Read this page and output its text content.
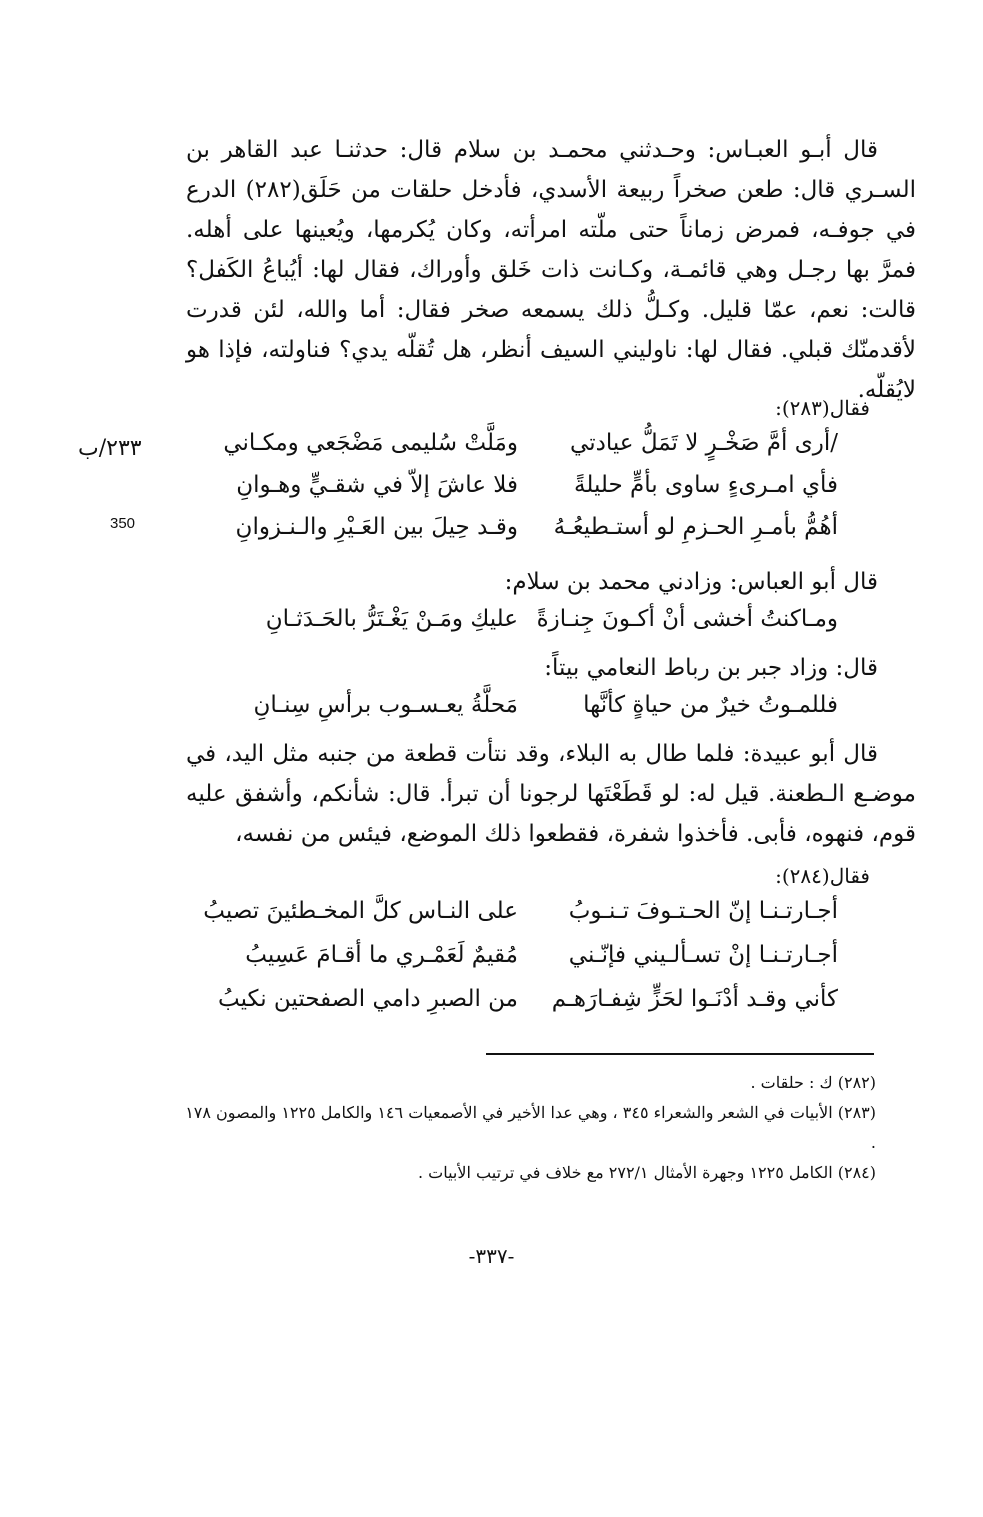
قال أبـو العبـاس: وحـدثني محمـد بن سلام قال: حدثنـا عبد القاهر بن السـري قال: طعن صخراً ربيعة الأسدي، فأدخل حلقات من حَلَق(٢٨٢) الدرع في جوفـه، فمرض زماناً حتى ملّته امرأته، وكان يُكرمها، ويُعينها على أهله. فمرَّ بها رجـل وهي قائمـة، وكـانت ذات خَلق وأوراك، فقال لها: أيُباعُ الكَفل؟ قالت: نعم، عمّا قليل. وكـلُّ ذلك يسمعه صخر فقال: أما والله، لئن قدرت لأقدمنّك قبلي. فقال لها: ناوليني السيف أنظر، هل تُقلّه يدي؟ فناولته، فإذا هو لايُقلّه.

فقال(٢٨٣):
/أرى أمَّ صَخْـرٍ لا تَمَلُّ عيادتي
ومَلَّتْ سُليمى مَضْجَعي ومكـاني
فأي امـرىءٍ ساوى بأمٍّ حليلةً
فلا عاشَ إلاّ في شقـيٍّ وهـوانِ
أهُمُّ بأمـرِ الحـزمِ لو أستـطيعُـهُ
وقـد حِيلَ بين العَـيْرِ والـنـزوانِ
٢٣٣/ب
350

قال أبو العباس: وزادني محمد بن سلام:

ومـاكنتُ أخشى أنْ أكـونَ جِنـازةً
عليكِ ومَـنْ يَغْـتَرُّ بالحَـدَثـانِ

قال: وزاد جبر بن رباط النعامي بيتاً:

فللمـوتُ خيرٌ من حياةٍ كأنَّها
مَحلَّةُ يعـسـوب برأسِ سِنـانِ

قال أبو عبيدة: فلما طال به البلاء، وقد نتأت قطعة من جنبه مثل اليد، في موضـع الـطعنة. قيل له: لو قَطَعْتَها لرجونا أن تبرأ. قال: شأنكم، وأشفق عليه قوم، فنهوه، فأبى. فأخذوا شفرة، فقطعوا ذلك الموضع، فيئس من نفسه،

فقال(٢٨٤):
أجـارتـنـا إنّ الحـتـوفَ تـنـوبُ
على النـاس كلَّ المخـطئينَ تصيبُ
أجـارتـنـا إنْ تسـألـيني فإنّـني
مُقيمٌ لَعَمْـري ما أقـامَ عَسِيبُ
كأني وقـد أدْنَـوا لحَزٍّ شِفـارَهـم
من الصبرِ دامي الصفحتين نكيبُ

(٢٨٢) ك : حلقات .

(٢٨٣) الأبيات في الشعر والشعراء ٣٤٥ ، وهي عدا الأخير في الأصمعيات ١٤٦ والكامل ١٢٢٥ والمصون ١٧٨ .

(٢٨٤) الكامل ١٢٢٥ وجهرة الأمثال ٢٧٢/١ مع خلاف في ترتيب الأبيات .

-٣٣٧-
